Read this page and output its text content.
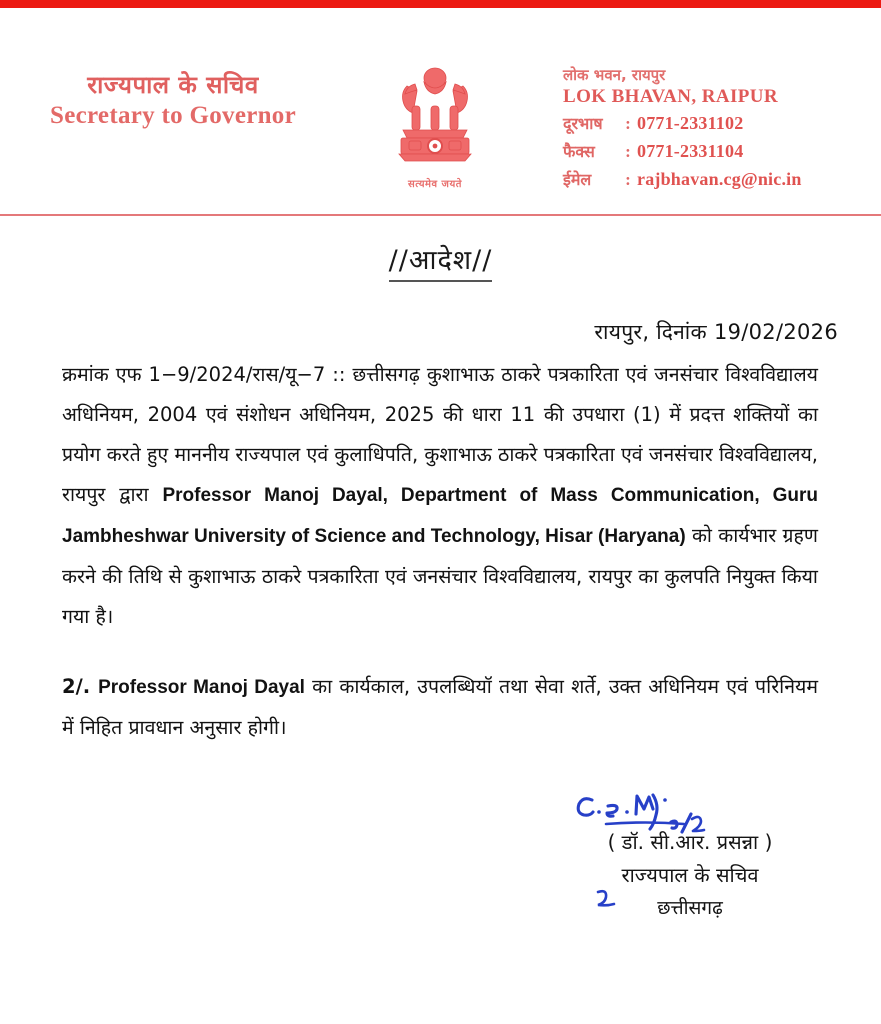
राज्यपाल के सचिव
Secretary to Governor
सत्यमेव जयते
लोक भवन, रायपुर
LOK BHAVAN, RAIPUR
दूरभाष	: 0771-2331102
फैक्स	: 0771-2331104
ईमेल	: rajbhavan.cg@nic.in
//आदेश//
रायपुर, दिनांक 19/02/2026

क्रमांक एफ 1−9/2024/रास/यू−7 :: छत्तीसगढ़ कुशाभाऊ ठाकरे पत्रकारिता एवं जनसंचार विश्वविद्यालय अधिनियम, 2004 एवं संशोधन अधिनियम, 2025 की धारा 11 की उपधारा (1) में प्रदत्त शक्तियों का प्रयोग करते हुए माननीय राज्यपाल एवं कुलाधिपति, कुशाभाऊ ठाकरे पत्रकारिता एवं जनसंचार विश्वविद्यालय, रायपुर द्वारा Professor Manoj Dayal, Department of Mass Communication, Guru Jambheshwar University of Science and Technology, Hisar (Haryana) को कार्यभार ग्रहण करने की तिथि से कुशाभाऊ ठाकरे पत्रकारिता एवं जनसंचार विश्वविद्यालय, रायपुर का कुलपति नियुक्त किया गया है।

2/. Professor Manoj Dayal का कार्यकाल, उपलब्धियॉ तथा सेवा शर्ते, उक्त अधिनियम एवं परिनियम में निहित प्रावधान अनुसार होगी।

( डॉ. सी.आर. प्रसन्ना )
राज्यपाल के सचिव
छत्तीसगढ़
